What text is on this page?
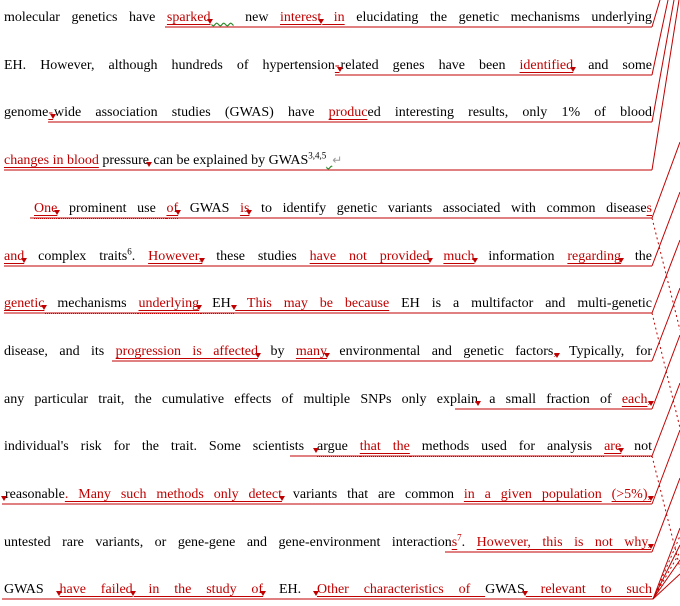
molecular genetics have sparked   new interest in elucidating the genetic mechanisms underlying
EH. However, although hundreds of hypertension-related genes have been identified and some
genome-wide association studies (GWAS) have produced interesting results, only 1% of blood
changes in blood pressure can be explained by GWAS$^{3,4,5}$ ↵
One prominent use of GWAS is to identify genetic variants associated with common diseases
and complex traits$^6$. However, these studies have not provided much information regarding the
genetic mechanisms underlying EH. This may be because EH is a multifactor and multi-genetic
disease, and its progression is affected by many environmental and genetic factors, Typically, for
any particular trait, the cumulative effects of multiple SNPs only explain a small fraction of each,
individual's risk for the trait. Some scientists argue that the methods used for analysis are not
reasonable. Many such methods only detect variants that are common in a given population (>5%),
untested rare variants, or gene-gene and gene-environment interactions$^7$. However, this is not why,
GWAS have failed in the study of EH. Other characteristics of GWAS relevant to such
